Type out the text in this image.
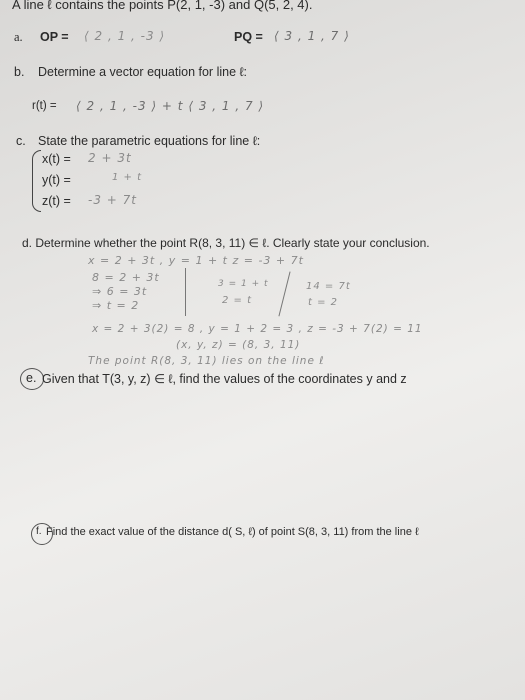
A line ℓ contains the points P(2, 1, -3) and Q(5, 2, 4).
a. OP = ⟨ 2 , 1 , -3 ⟩	PQ = ⟨ 3 , 1 , 7 ⟩
b. Determine a vector equation for line ℓ:
r(t) = ⟨ 2 , 1 , -3 ⟩ + t ⟨ 3 , 1 , 7 ⟩
c. State the parametric equations for line ℓ:
x(t) = 2 + 3t
y(t) =	1 + t
z(t) = -3 + 7t
d. Determine whether the point R(8, 3, 11) ∈ ℓ. Clearly state your conclusion.
x = 2 + 3t , y = 1 + t z = -3 + 7t
8 = 2 + 3t
⇒ 6 = 3t
⇒ t = 2
3 = 1 + t
2 = t
14 = 7t
t = 2
x = 2 + 3(2) = 8 , y = 1 + 2 = 3 , z = -3 + 7(2) = 11
(x, y, z) = (8, 3, 11)
The point R(8, 3, 11) lies on the line ℓ
e. Given that T(3, y, z) ∈ ℓ, find the values of the coordinates y and z
f. Find the exact value of the distance d( S, ℓ) of point S(8, 3, 11) from the line ℓ
